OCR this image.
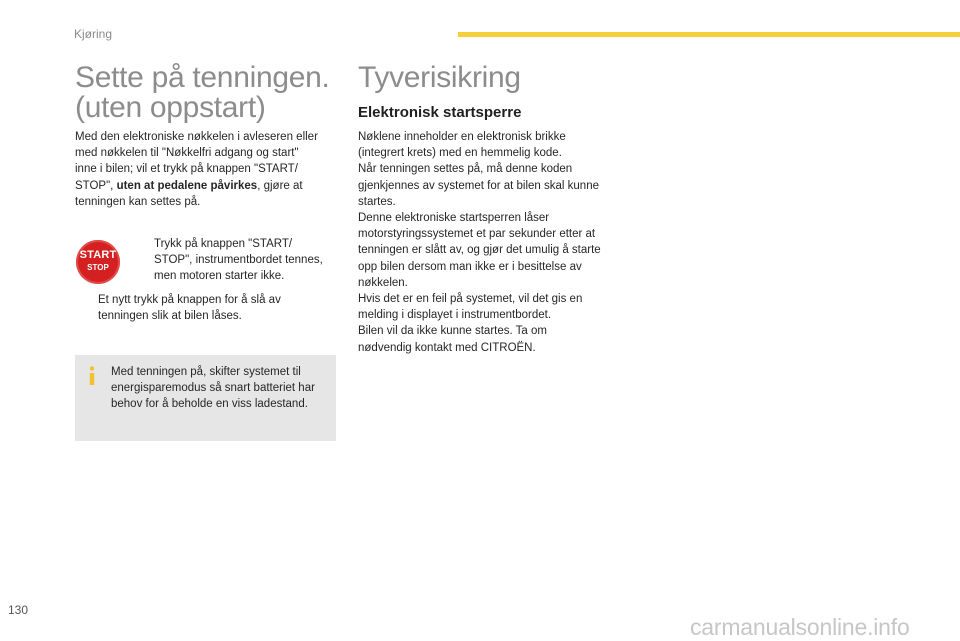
Kjøring
Sette på tenningen.
(uten oppstart)
Med den elektroniske nøkkelen i avleseren eller
med nøkkelen til "Nøkkelfri adgang og start"
inne i bilen; vil et trykk på knappen "START/
STOP", uten at pedalene påvirkes, gjøre at
tenningen kan settes på.
START
STOP
Trykk på knappen "START/
STOP", instrumentbordet tennes,
men motoren starter ikke.
Et nytt trykk på knappen for å slå av
tenningen slik at bilen låses.
Med tenningen på, skifter systemet til
energisparemodus så snart batteriet har
behov for å beholde en viss ladestand.
Tyverisikring
Elektronisk startsperre
Nøklene inneholder en elektronisk brikke
(integrert krets) med en hemmelig kode.
Når tenningen settes på, må denne koden
gjenkjennes av systemet for at bilen skal kunne
startes.
Denne elektroniske startsperren låser
motorstyringssystemet et par sekunder etter at
tenningen er slått av, og gjør det umulig å starte
opp bilen dersom man ikke er i besittelse av
nøkkelen.
Hvis det er en feil på systemet, vil det gis en
melding i displayet i instrumentbordet.
Bilen vil da ikke kunne startes. Ta om
nødvendig kontakt med CITROËN.
130
carmanualsonline.info
